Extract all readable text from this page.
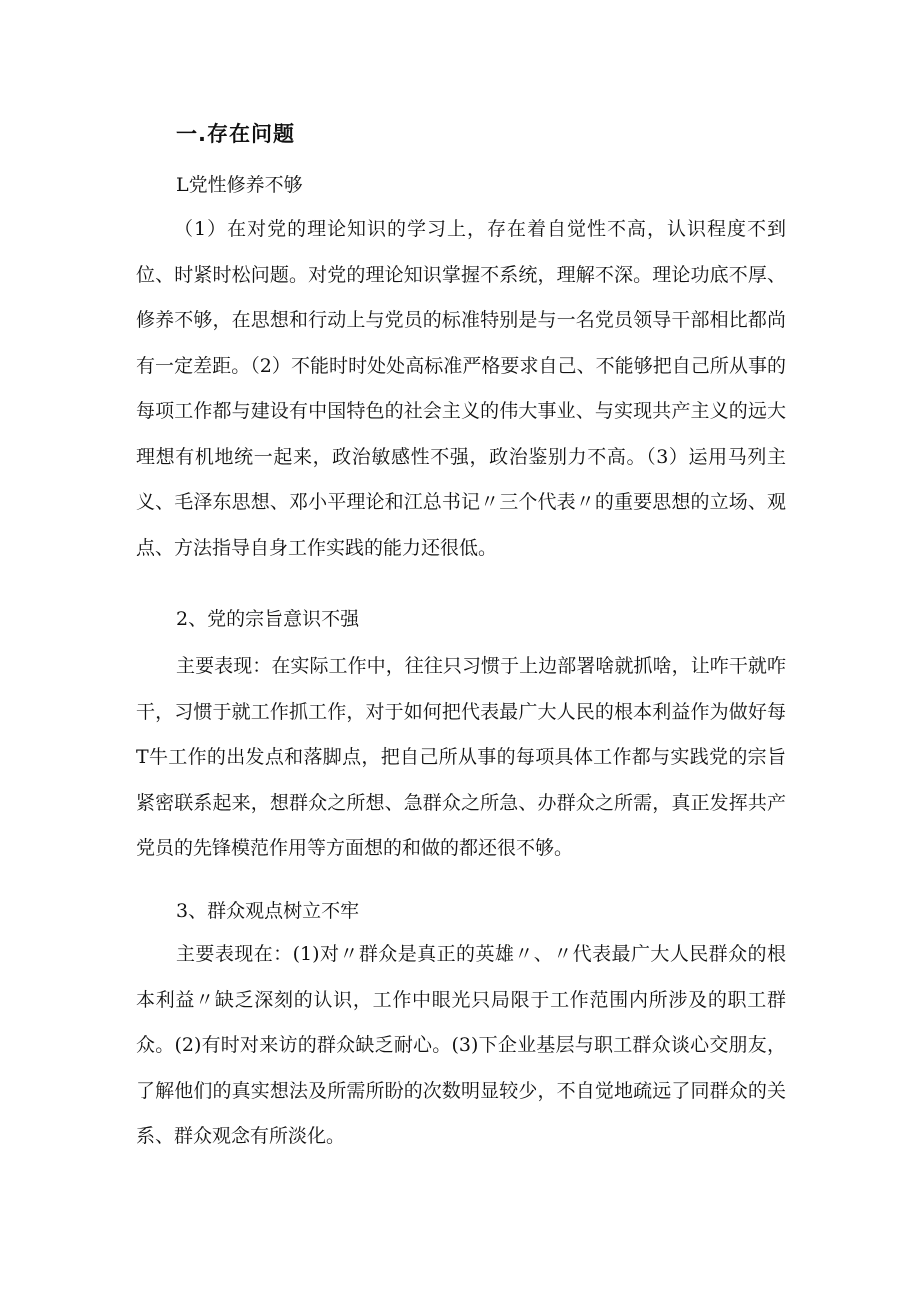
一.存在问题

L党性修养不够

（1）在对党的理论知识的学习上，存在着自觉性不高，认识程度不到位、时紧时松问题。对党的理论知识掌握不系统，理解不深。理论功底不厚、修养不够，在思想和行动上与党员的标准特别是与一名党员领导干部相比都尚有一定差距。（2）不能时时处处高标准严格要求自己、不能够把自己所从事的每项工作都与建设有中国特色的社会主义的伟大事业、与实现共产主义的远大理想有机地统一起来，政治敏感性不强，政治鉴别力不高。（3）运用马列主义、毛泽东思想、邓小平理论和江总书记〃三个代表〃的重要思想的立场、观点、方法指导自身工作实践的能力还很低。

2、党的宗旨意识不强

主要表现：在实际工作中，往往只习惯于上边部署啥就抓啥，让咋干就咋干，习惯于就工作抓工作，对于如何把代表最广大人民的根本利益作为做好每T牛工作的出发点和落脚点，把自己所从事的每项具体工作都与实践党的宗旨紧密联系起来，想群众之所想、急群众之所急、办群众之所需，真正发挥共产党员的先锋模范作用等方面想的和做的都还很不够。

3、群众观点树立不牢

主要表现在：(1)对〃群众是真正的英雄〃、〃代表最广大人民群众的根本利益〃缺乏深刻的认识，工作中眼光只局限于工作范围内所涉及的职工群众。(2)有时对来访的群众缺乏耐心。(3)下企业基层与职工群众谈心交朋友，了解他们的真实想法及所需所盼的次数明显较少，不自觉地疏远了同群众的关系、群众观念有所淡化。
